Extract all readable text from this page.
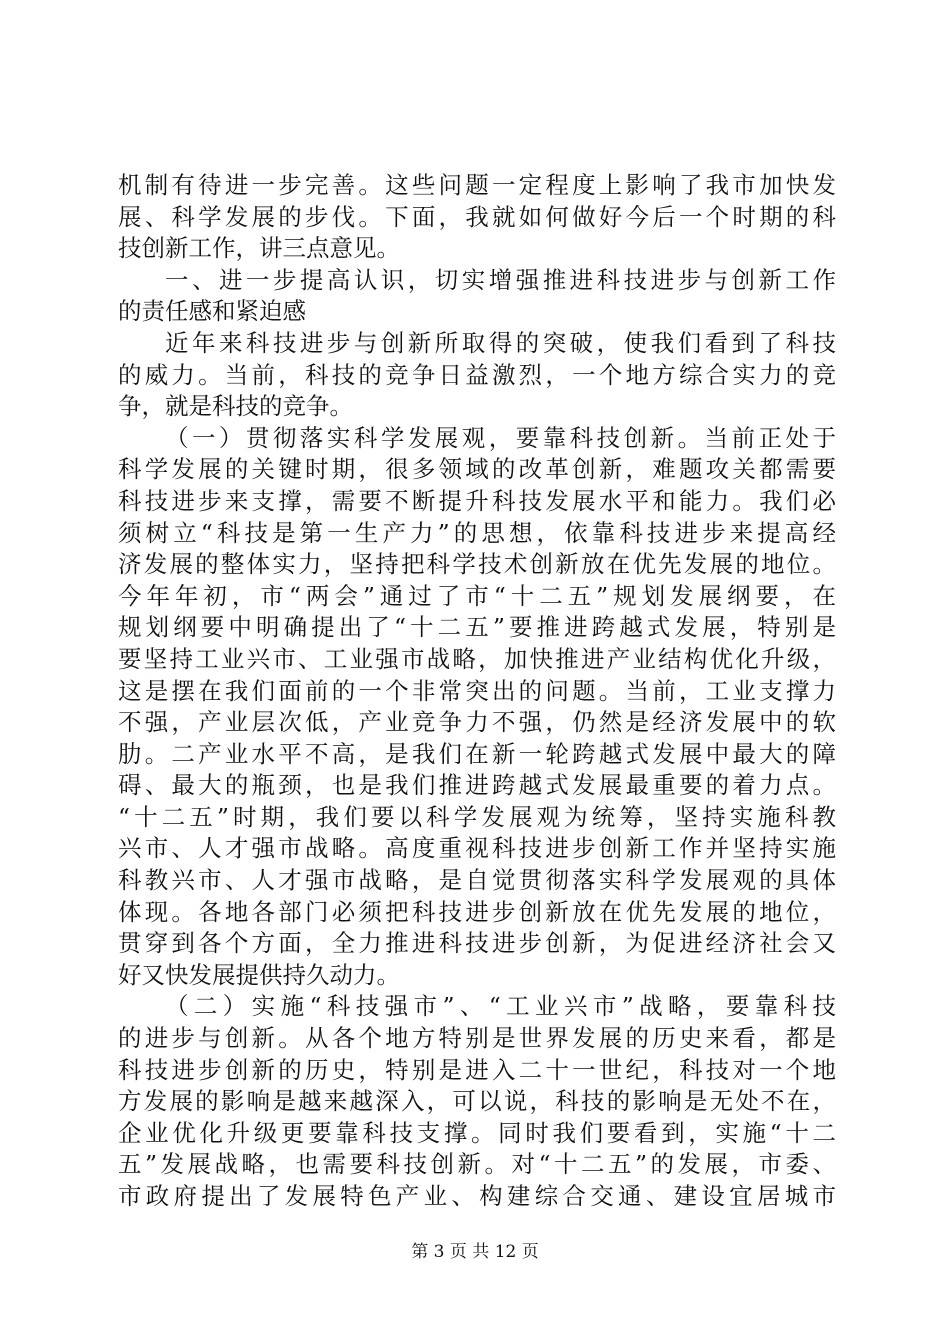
机制有待进一步完善。这些问题一定程度上影响了我市加快发
展、科学发展的步伐。下面，我就如何做好今后一个时期的科
技创新工作，讲三点意见。
一、进一步提高认识，切实增强推进科技进步与创新工作
的责任感和紧迫感
近年来科技进步与创新所取得的突破，使我们看到了科技
的威力。当前，科技的竞争日益激烈，一个地方综合实力的竞
争，就是科技的竞争。
（一）贯彻落实科学发展观，要靠科技创新。当前正处于
科学发展的关键时期，很多领域的改革创新，难题攻关都需要
科技进步来支撑，需要不断提升科技发展水平和能力。我们必
须树立“科技是第一生产力”的思想，依靠科技进步来提高经
济发展的整体实力，坚持把科学技术创新放在优先发展的地位。
今年年初，市“两会”通过了市“十二五”规划发展纲要，在
规划纲要中明确提出了“十二五”要推进跨越式发展，特别是
要坚持工业兴市、工业强市战略，加快推进产业结构优化升级，
这是摆在我们面前的一个非常突出的问题。当前，工业支撑力
不强，产业层次低，产业竞争力不强，仍然是经济发展中的软
肋。二产业水平不高，是我们在新一轮跨越式发展中最大的障
碍、最大的瓶颈，也是我们推进跨越式发展最重要的着力点。
“十二五”时期，我们要以科学发展观为统筹，坚持实施科教
兴市、人才强市战略。高度重视科技进步创新工作并坚持实施
科教兴市、人才强市战略，是自觉贯彻落实科学发展观的具体
体现。各地各部门必须把科技进步创新放在优先发展的地位，
贯穿到各个方面，全力推进科技进步创新，为促进经济社会又
好又快发展提供持久动力。
（二）实施“科技强市”、“工业兴市”战略，要靠科技
的进步与创新。从各个地方特别是世界发展的历史来看，都是
科技进步创新的历史，特别是进入二十一世纪，科技对一个地
方发展的影响是越来越深入，可以说，科技的影响是无处不在，
企业优化升级更要靠科技支撑。同时我们要看到，实施“十二
五”发展战略，也需要科技创新。对“十二五”的发展，市委、
市政府提出了发展特色产业、构建综合交通、建设宜居城市
第 3 页 共 12 页
